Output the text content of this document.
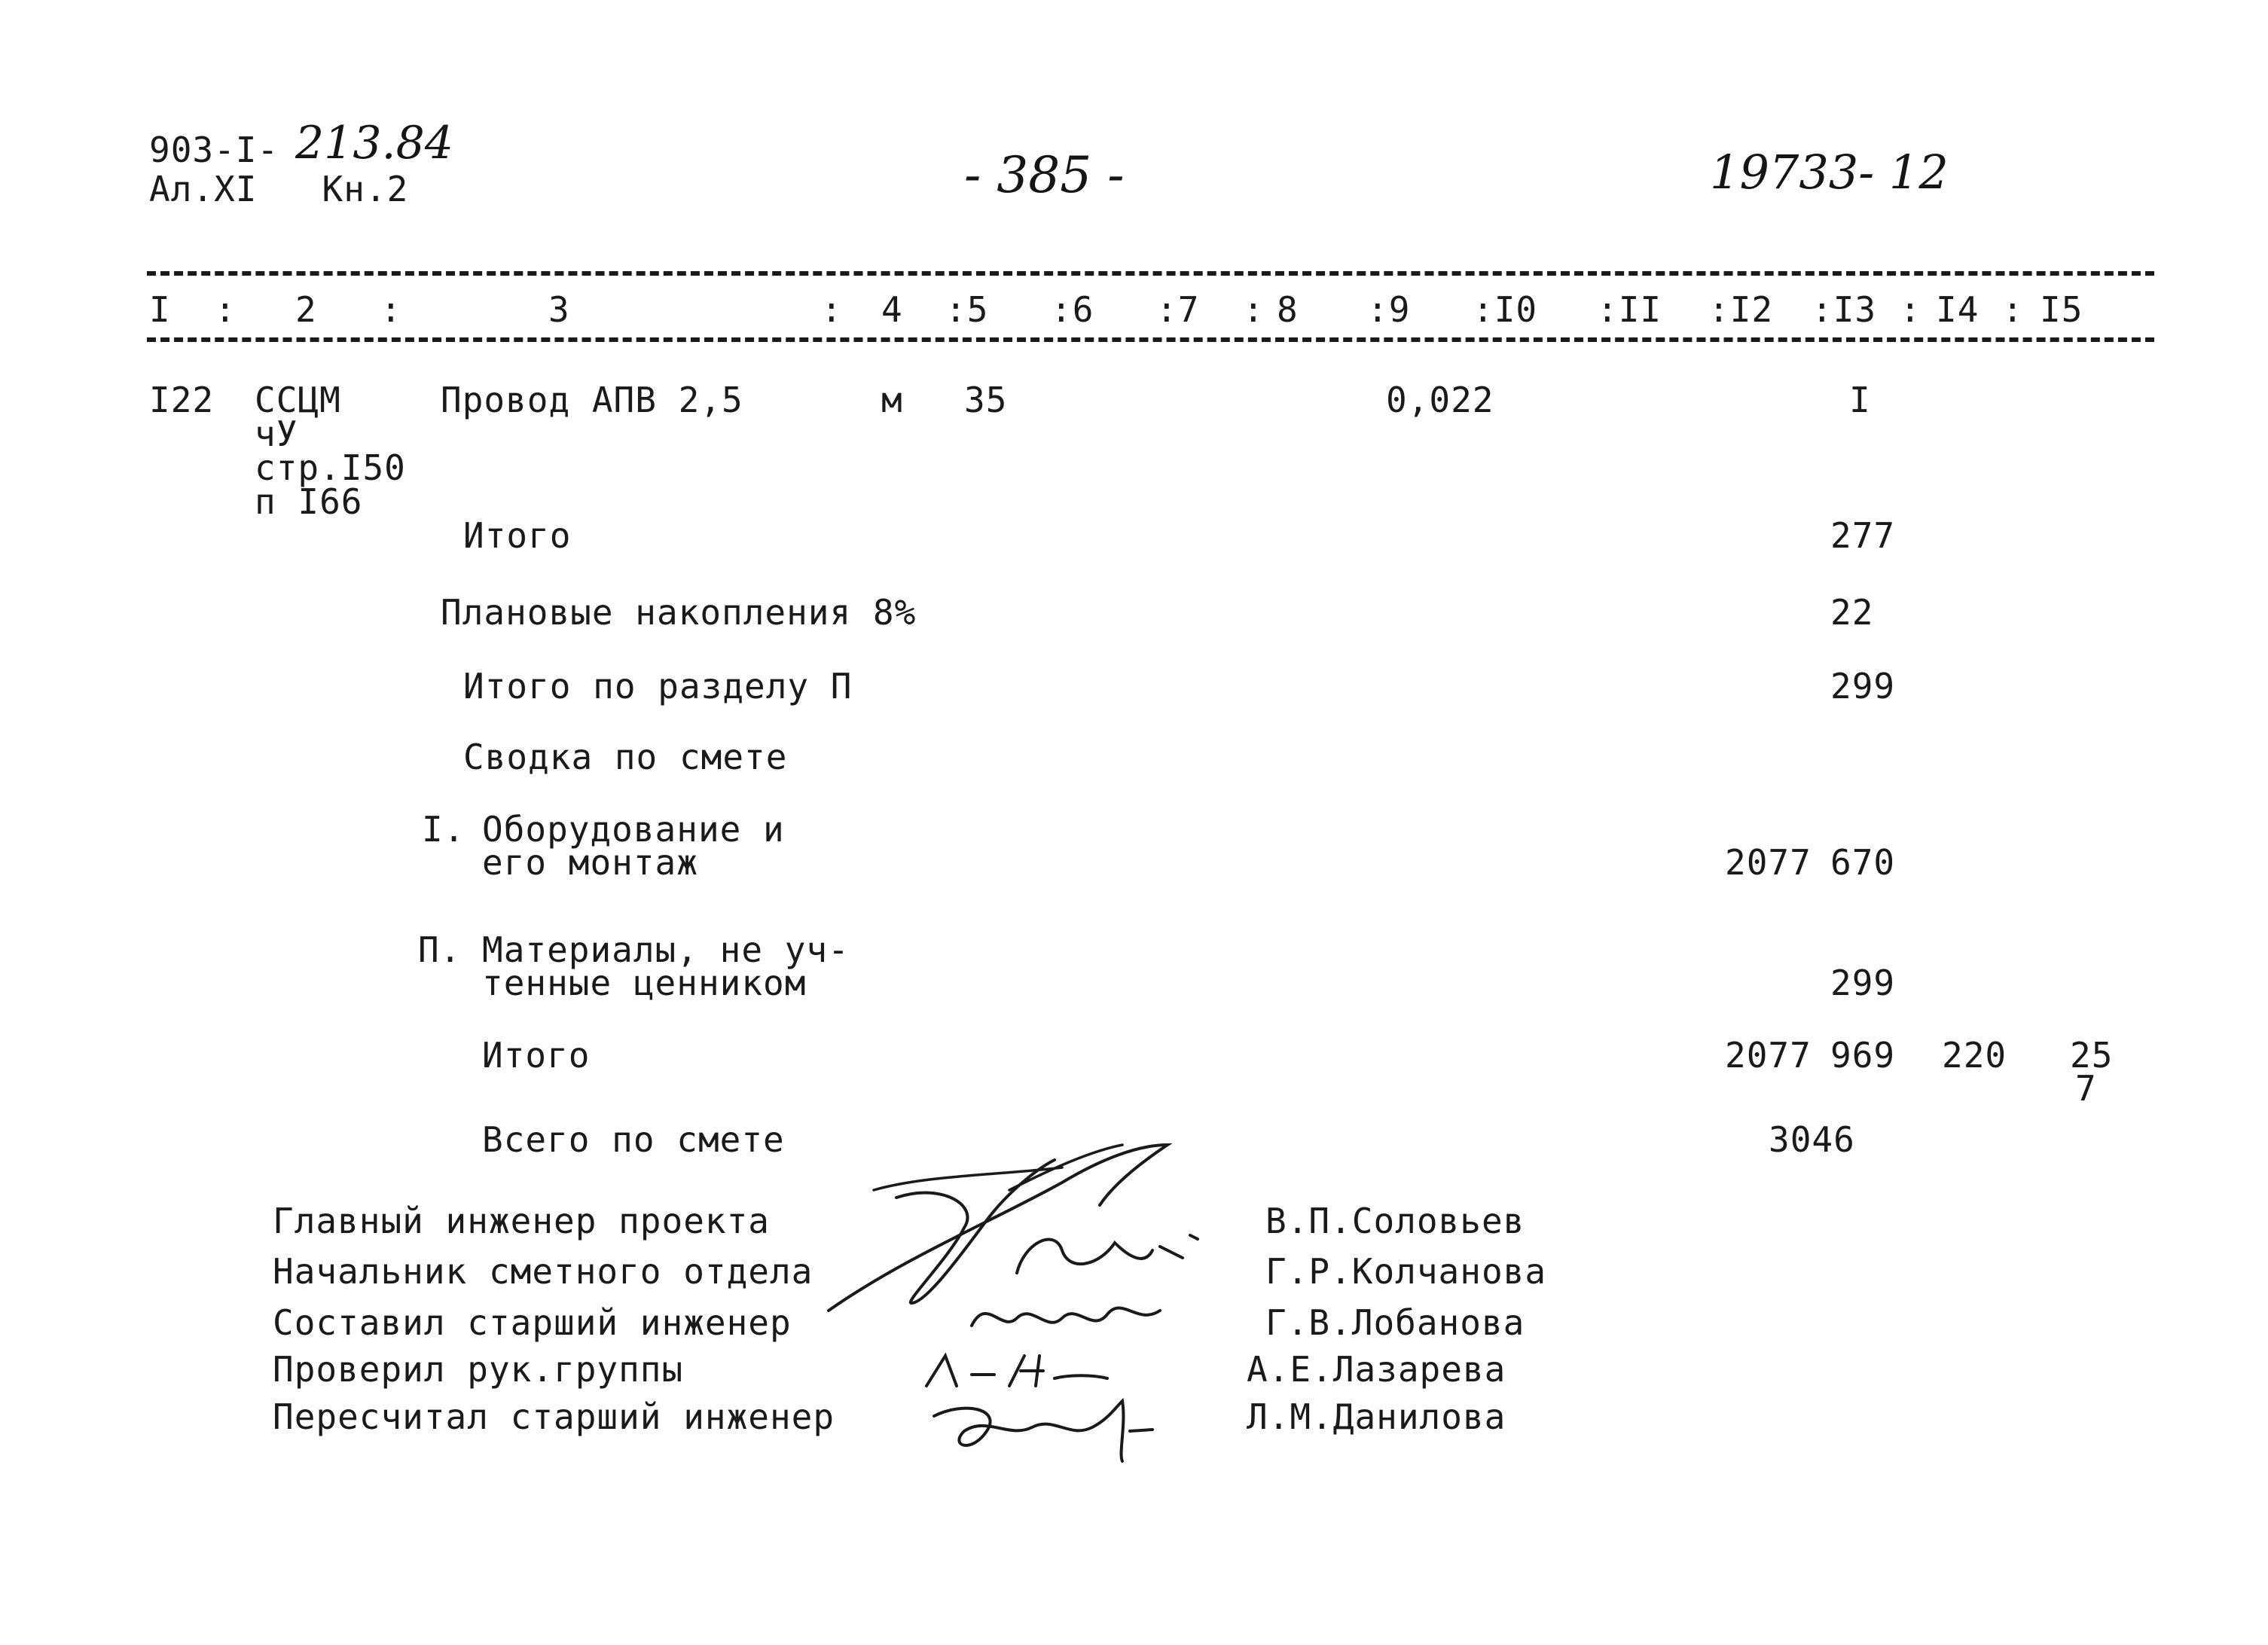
903-I- 213.84
Ал.XI   Кн.2	- 385 -	19733- 12
I : 2 :	3	: 4 :5 :6 :7 : 8 :9 :I0 :II :I2 :I3 : I4 : I5
I22 ССЦМ
чУ
стр.I50
п I66
Провод АПВ 2,5	м 35	0,022	I
Итого	277
Плановые накопления 8%	22
Итого по разделу П	299
Сводка по смете
I. Оборудование и
его монтаж	2077 670
П. Материалы, не уч-
тенные ценником	299
Итого	2077 969 220 25
7
Всего по смете	3046
Главный инженер проекта	В.П.Соловьев
Начальник сметного отдела	Г.Р.Колчанова
Составил старший инженер	Г.В.Лобанова
Проверил рук.группы	А.Е.Лазарева
Пересчитал старший инженер	Л.М.Данилова
